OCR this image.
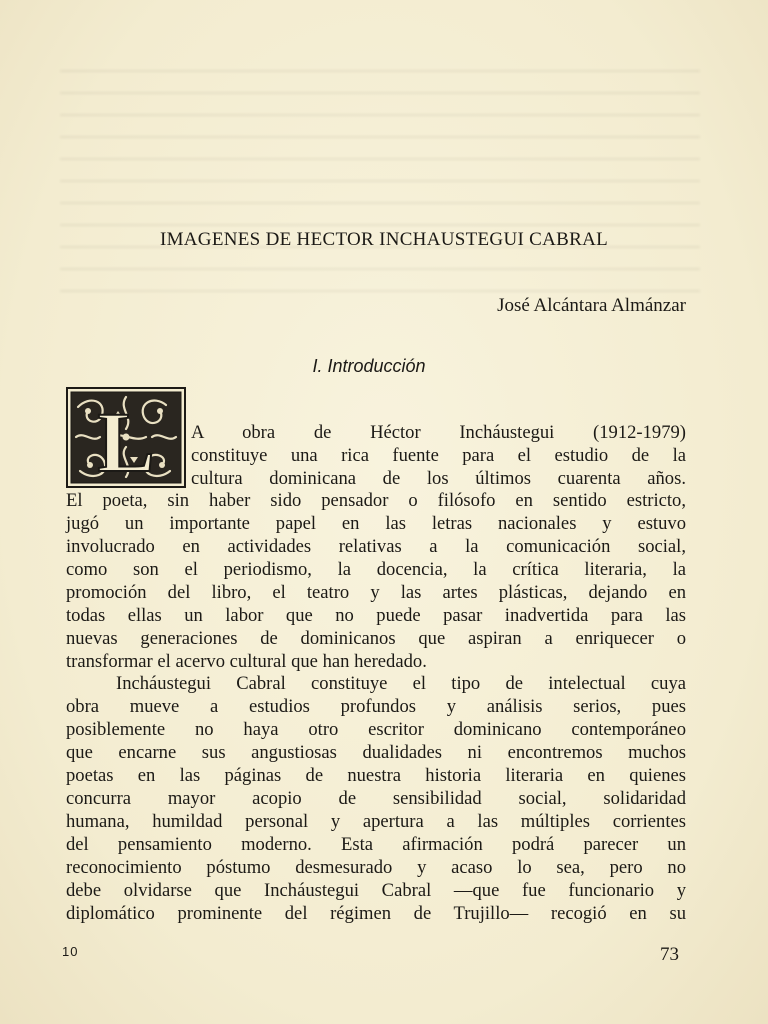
IMAGENES DE HECTOR INCHAUSTEGUI CABRAL
José Alcántara Almánzar
I. Introducción
L A obra de Héctor Incháustegui (1912-1979)
constituye una rica fuente para el estudio de la
cultura dominicana de los últimos cuarenta años.
El poeta, sin haber sido pensador o filósofo en sentido estricto,
jugó un importante papel en las letras nacionales y estuvo
involucrado en actividades relativas a la comunicación social,
como son el periodismo, la docencia, la crítica literaria, la
promoción del libro, el teatro y las artes plásticas, dejando en
todas ellas un labor que no puede pasar inadvertida para las
nuevas generaciones de dominicanos que aspiran a enriquecer o
transformar el acervo cultural que han heredado.
Incháustegui Cabral constituye el tipo de intelectual cuya
obra mueve a estudios profundos y análisis serios, pues
posiblemente no haya otro escritor dominicano contemporáneo
que encarne sus angustiosas dualidades ni encontremos muchos
poetas en las páginas de nuestra historia literaria en quienes
concurra mayor acopio de sensibilidad social, solidaridad
humana, humildad personal y apertura a las múltiples corrientes
del pensamiento moderno. Esta afirmación podrá parecer un
reconocimiento póstumo desmesurado y acaso lo sea, pero no
debe olvidarse que Incháustegui Cabral —que fue funcionario y
diplomático prominente del régimen de Trujillo— recogió en su
10	73
